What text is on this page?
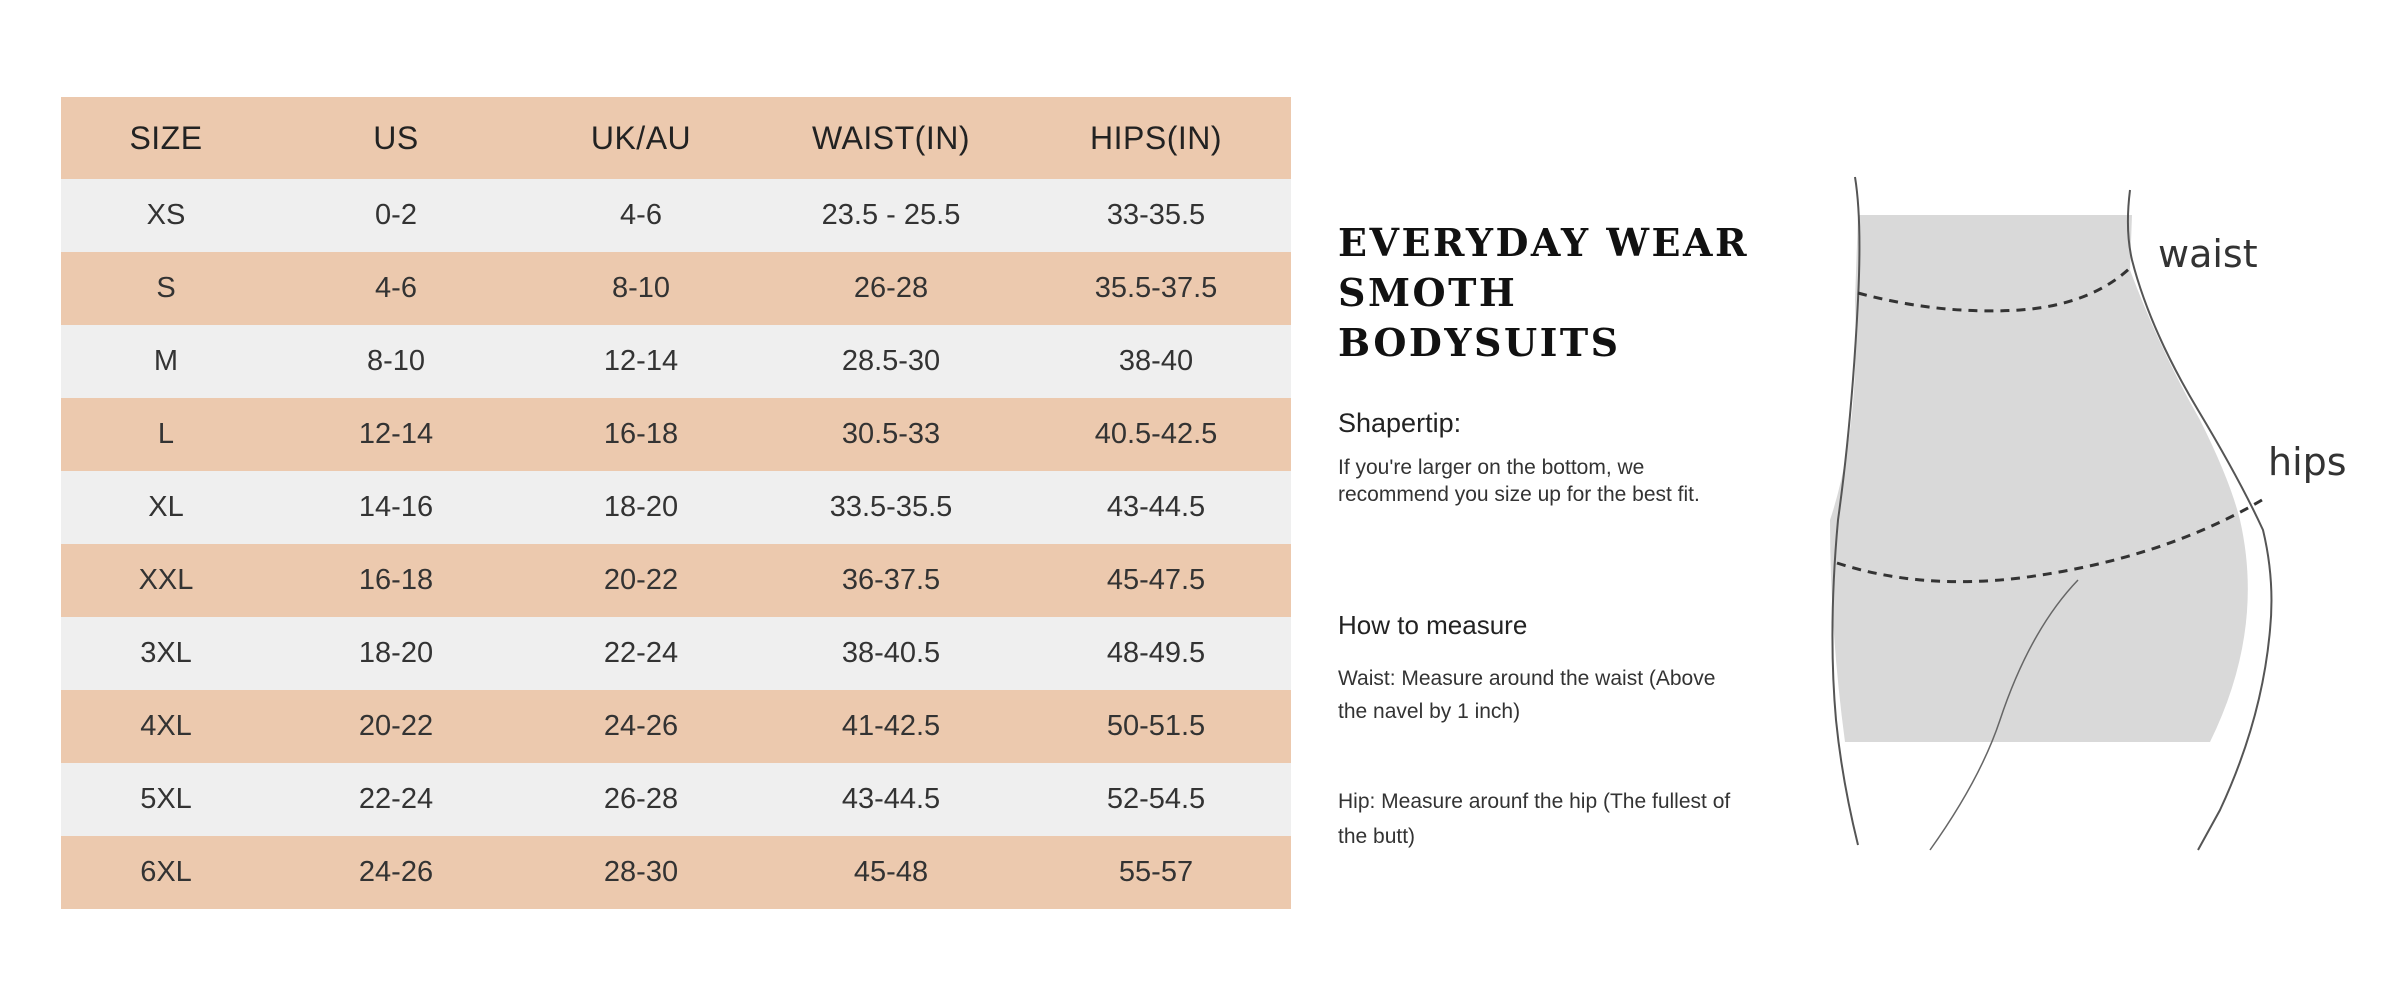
SIZE	US	UK/AU	WAIST(IN)	HIPS(IN)
XS	0-2	4-6	23.5 - 25.5	33-35.5
S	4-6	8-10	26-28	35.5-37.5
M	8-10	12-14	28.5-30	38-40
L	12-14	16-18	30.5-33	40.5-42.5
XL	14-16	18-20	33.5-35.5	43-44.5
XXL	16-18	20-22	36-37.5	45-47.5
3XL	18-20	22-24	38-40.5	48-49.5
4XL	20-22	24-26	41-42.5	50-51.5
5XL	22-24	26-28	43-44.5	52-54.5
6XL	24-26	28-30	45-48	55-57
EVERYDAY WEAR
SMOTH BODYSUITS

Shapertip:

If you're larger on the bottom, we recommend you size up for the best fit.

How to measure

Waist: Measure around the waist (Above the navel by 1 inch)

Hip: Measure arounf the hip (The fullest of the butt)

waist
hips
